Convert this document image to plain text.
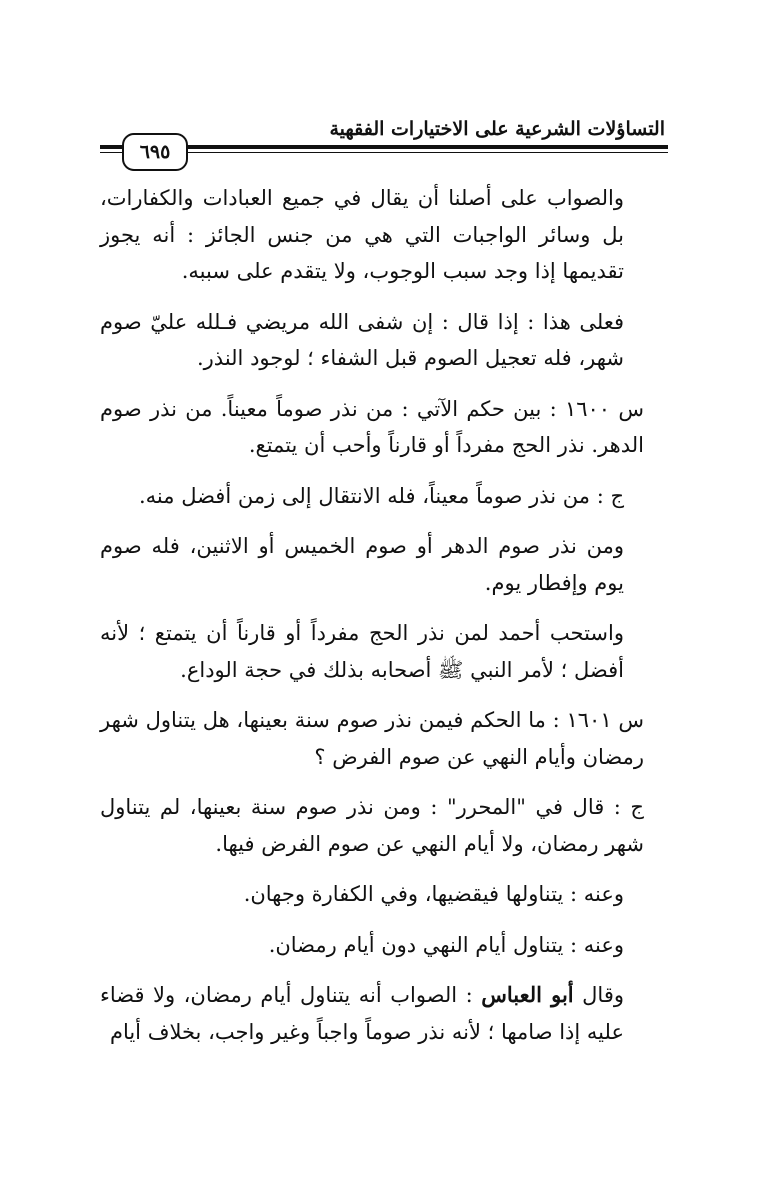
التساؤلات الشرعية على الاختيارات الفقهية
٦٩٥

والصواب على أصلنا أن يقال في جميع العبادات والكفارات، بل وسائر الواجبات التي هي من جنس الجائز : أنه يجوز تقديمها إذا وجد سبب الوجوب، ولا يتقدم على سببه.

فعلى هذا : إذا قال : إن شفى الله مريضي فـلله عليّ صوم شهر، فله تعجيل الصوم قبل الشفاء ؛ لوجود النذر.

س ١٦٠٠ : بين حكم الآتي : من نذر صوماً معيناً. من نذر صوم الدهر. نذر الحج مفرداً أو قارناً وأحب أن يتمتع.

ج : من نذر صوماً معيناً، فله الانتقال إلى زمن أفضل منه.

ومن نذر صوم الدهر أو صوم الخميس أو الاثنين، فله صوم يوم وإفطار يوم.

واستحب أحمد لمن نذر الحج مفرداً أو قارناً أن يتمتع ؛ لأنه أفضل ؛ لأمر النبي ﷺ أصحابه بذلك في حجة الوداع.

س ١٦٠١ : ما الحكم فيمن نذر صوم سنة بعينها، هل يتناول شهر رمضان وأيام النهي عن صوم الفرض ؟

ج : قال في "المحرر" : ومن نذر صوم سنة بعينها، لم يتناول شهر رمضان، ولا أيام النهي عن صوم الفرض فيها.

وعنه : يتناولها فيقضيها، وفي الكفارة وجهان.

وعنه : يتناول أيام النهي دون أيام رمضان.

وقال أبو العباس : الصواب أنه يتناول أيام رمضان، ولا قضاء عليه إذا صامها ؛ لأنه نذر صوماً واجباً وغير واجب، بخلاف أيام
